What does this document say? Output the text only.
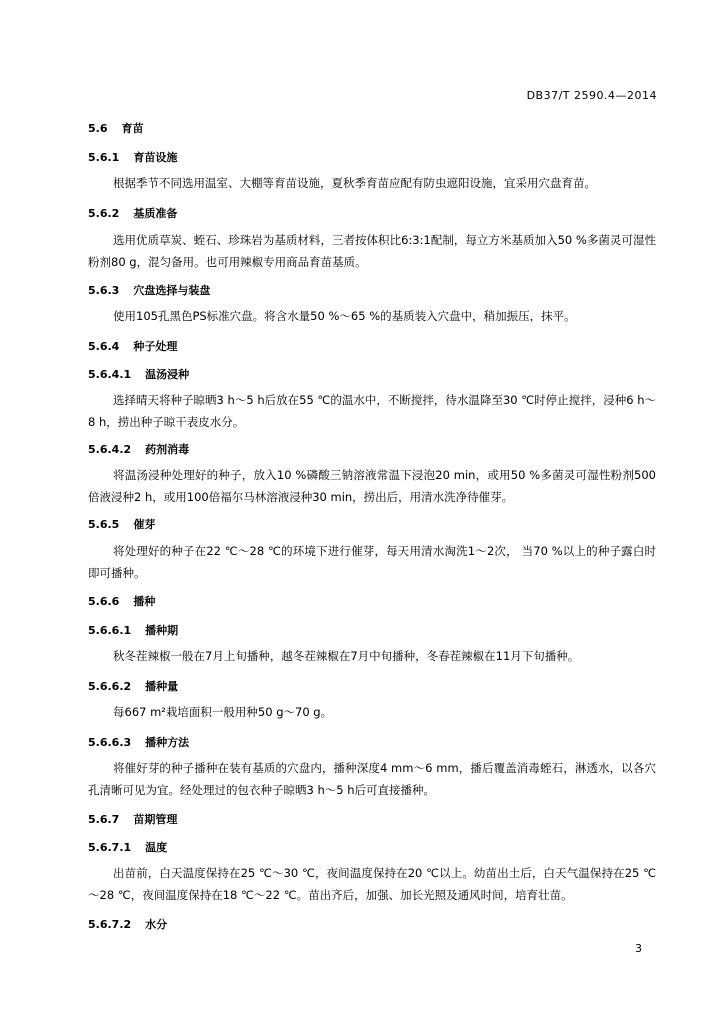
DB37/T 2590.4—2014
5.6 育苗
5.6.1 育苗设施
根据季节不同选用温室、大棚等育苗设施，夏秋季育苗应配有防虫遮阳设施，宜采用穴盘育苗。
5.6.2 基质准备
选用优质草炭、蛭石、珍珠岩为基质材料，三者按体积比6:3:1配制，每立方米基质加入50 %多菌灵可湿性粉剂80 g，混匀备用。也可用辣椒专用商品育苗基质。
5.6.3 穴盘选择与装盘
使用105孔黑色PS标准穴盘。将含水量50 %～65 %的基质装入穴盘中，稍加振压，抹平。
5.6.4 种子处理
5.6.4.1 温汤浸种
选择晴天将种子晾晒3 h～5 h后放在55 ℃的温水中，不断搅拌，待水温降至30 ℃时停止搅拌，浸种6 h～8 h，捞出种子晾干表皮水分。
5.6.4.2 药剂消毒
将温汤浸种处理好的种子，放入10 %磷酸三钠溶液常温下浸泡20 min，或用50 %多菌灵可湿性粉剂500倍液浸种2 h，或用100倍福尔马林溶液浸种30 min，捞出后，用清水洗净待催芽。
5.6.5 催芽
将处理好的种子在22 ℃～28 ℃的环境下进行催芽，每天用清水淘洗1～2次， 当70 %以上的种子露白时即可播种。
5.6.6 播种
5.6.6.1 播种期
秋冬茬辣椒一般在7月上旬播种，越冬茬辣椒在7月中旬播种，冬春茬辣椒在11月下旬播种。
5.6.6.2 播种量
每667 m²栽培面积一般用种50 g～70 g。
5.6.6.3 播种方法
将催好芽的种子播种在装有基质的穴盘内，播种深度4 mm～6 mm，播后覆盖消毒蛭石，淋透水，以各穴孔清晰可见为宜。经处理过的包衣种子晾晒3 h～5 h后可直接播种。
5.6.7 苗期管理
5.6.7.1 温度
出苗前，白天温度保持在25 ℃～30 ℃，夜间温度保持在20 ℃以上。幼苗出土后，白天气温保持在25 ℃～28 ℃，夜间温度保持在18 ℃～22 ℃。苗出齐后，加强、加长光照及通风时间，培育壮苗。
5.6.7.2 水分
3
